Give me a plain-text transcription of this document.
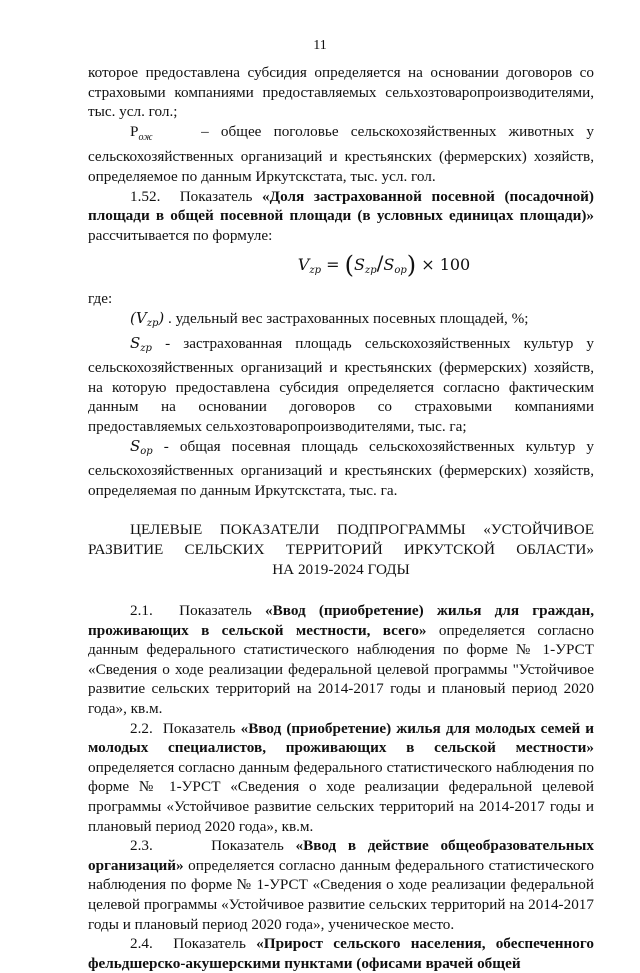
11

которое предоставлена субсидия определяется на основании договоров со страховыми компаниями предоставляемых сельхозтоваропроизводителями, тыс. усл. гол.;

$Р_{ож}$	– общее поголовье сельскохозяйственных животных у сельскохозяйственных организаций и крестьянских (фермерских) хозяйств, определяемое по данным Иркутскстата, тыс. усл. гол.

1.52. Показатель «Доля застрахованной посевной (посадочной) площади в общей посевной площади (в условных единицах площади)» рассчитывается по формуле:

$V_{zp} = (S_{zp}/S_{op}) \times 100$

где:

$(V_{zp})$ . удельный вес застрахованных посевных площадей, %;

$S_{zp}$ - застрахованная площадь сельскохозяйственных культур у сельскохозяйственных организаций и крестьянских (фермерских) хозяйств, на которую предоставлена субсидия определяется согласно фактическим данным на основании договоров со страховыми компаниями предоставляемых сельхозтоваропроизводителями, тыс. га;

$S_{op}$ - общая посевная площадь сельскохозяйственных культур у сельскохозяйственных организаций и крестьянских (фермерских) хозяйств, определяемая по данным Иркутскстата, тыс. га.

ЦЕЛЕВЫЕ ПОКАЗАТЕЛИ ПОДПРОГРАММЫ «УСТОЙЧИВОЕ
РАЗВИТИЕ СЕЛЬСКИХ ТЕРРИТОРИЙ ИРКУТСКОЙ ОБЛАСТИ»
НА 2019-2024 ГОДЫ

2.1. Показатель «Ввод (приобретение) жилья для граждан, проживающих в сельской местности, всего» определяется согласно данным федерального статистического наблюдения по форме № 1-УРСТ «Сведения о ходе реализации федеральной целевой программы "Устойчивое развитие сельских территорий на 2014-2017 годы и плановый период 2020 года», кв.м.

2.2. Показатель «Ввод (приобретение) жилья для молодых семей и молодых специалистов, проживающих в сельской местности» определяется согласно данным федерального статистического наблюдения по форме № 1-УРСТ «Сведения о ходе реализации федеральной целевой программы «Устойчивое развитие сельских территорий на 2014-2017 годы и плановый период 2020 года», кв.м.

2.3.	Показатель «Ввод в действие общеобразовательных организаций» определяется согласно данным федерального статистического наблюдения по форме № 1-УРСТ «Сведения о ходе реализации федеральной целевой программы «Устойчивое развитие сельских территорий на 2014-2017 годы и плановый период 2020 года», ученическое место.

2.4. Показатель «Прирост сельского населения, обеспеченного фельдшерско-акушерскими пунктами (офисами врачей общей
